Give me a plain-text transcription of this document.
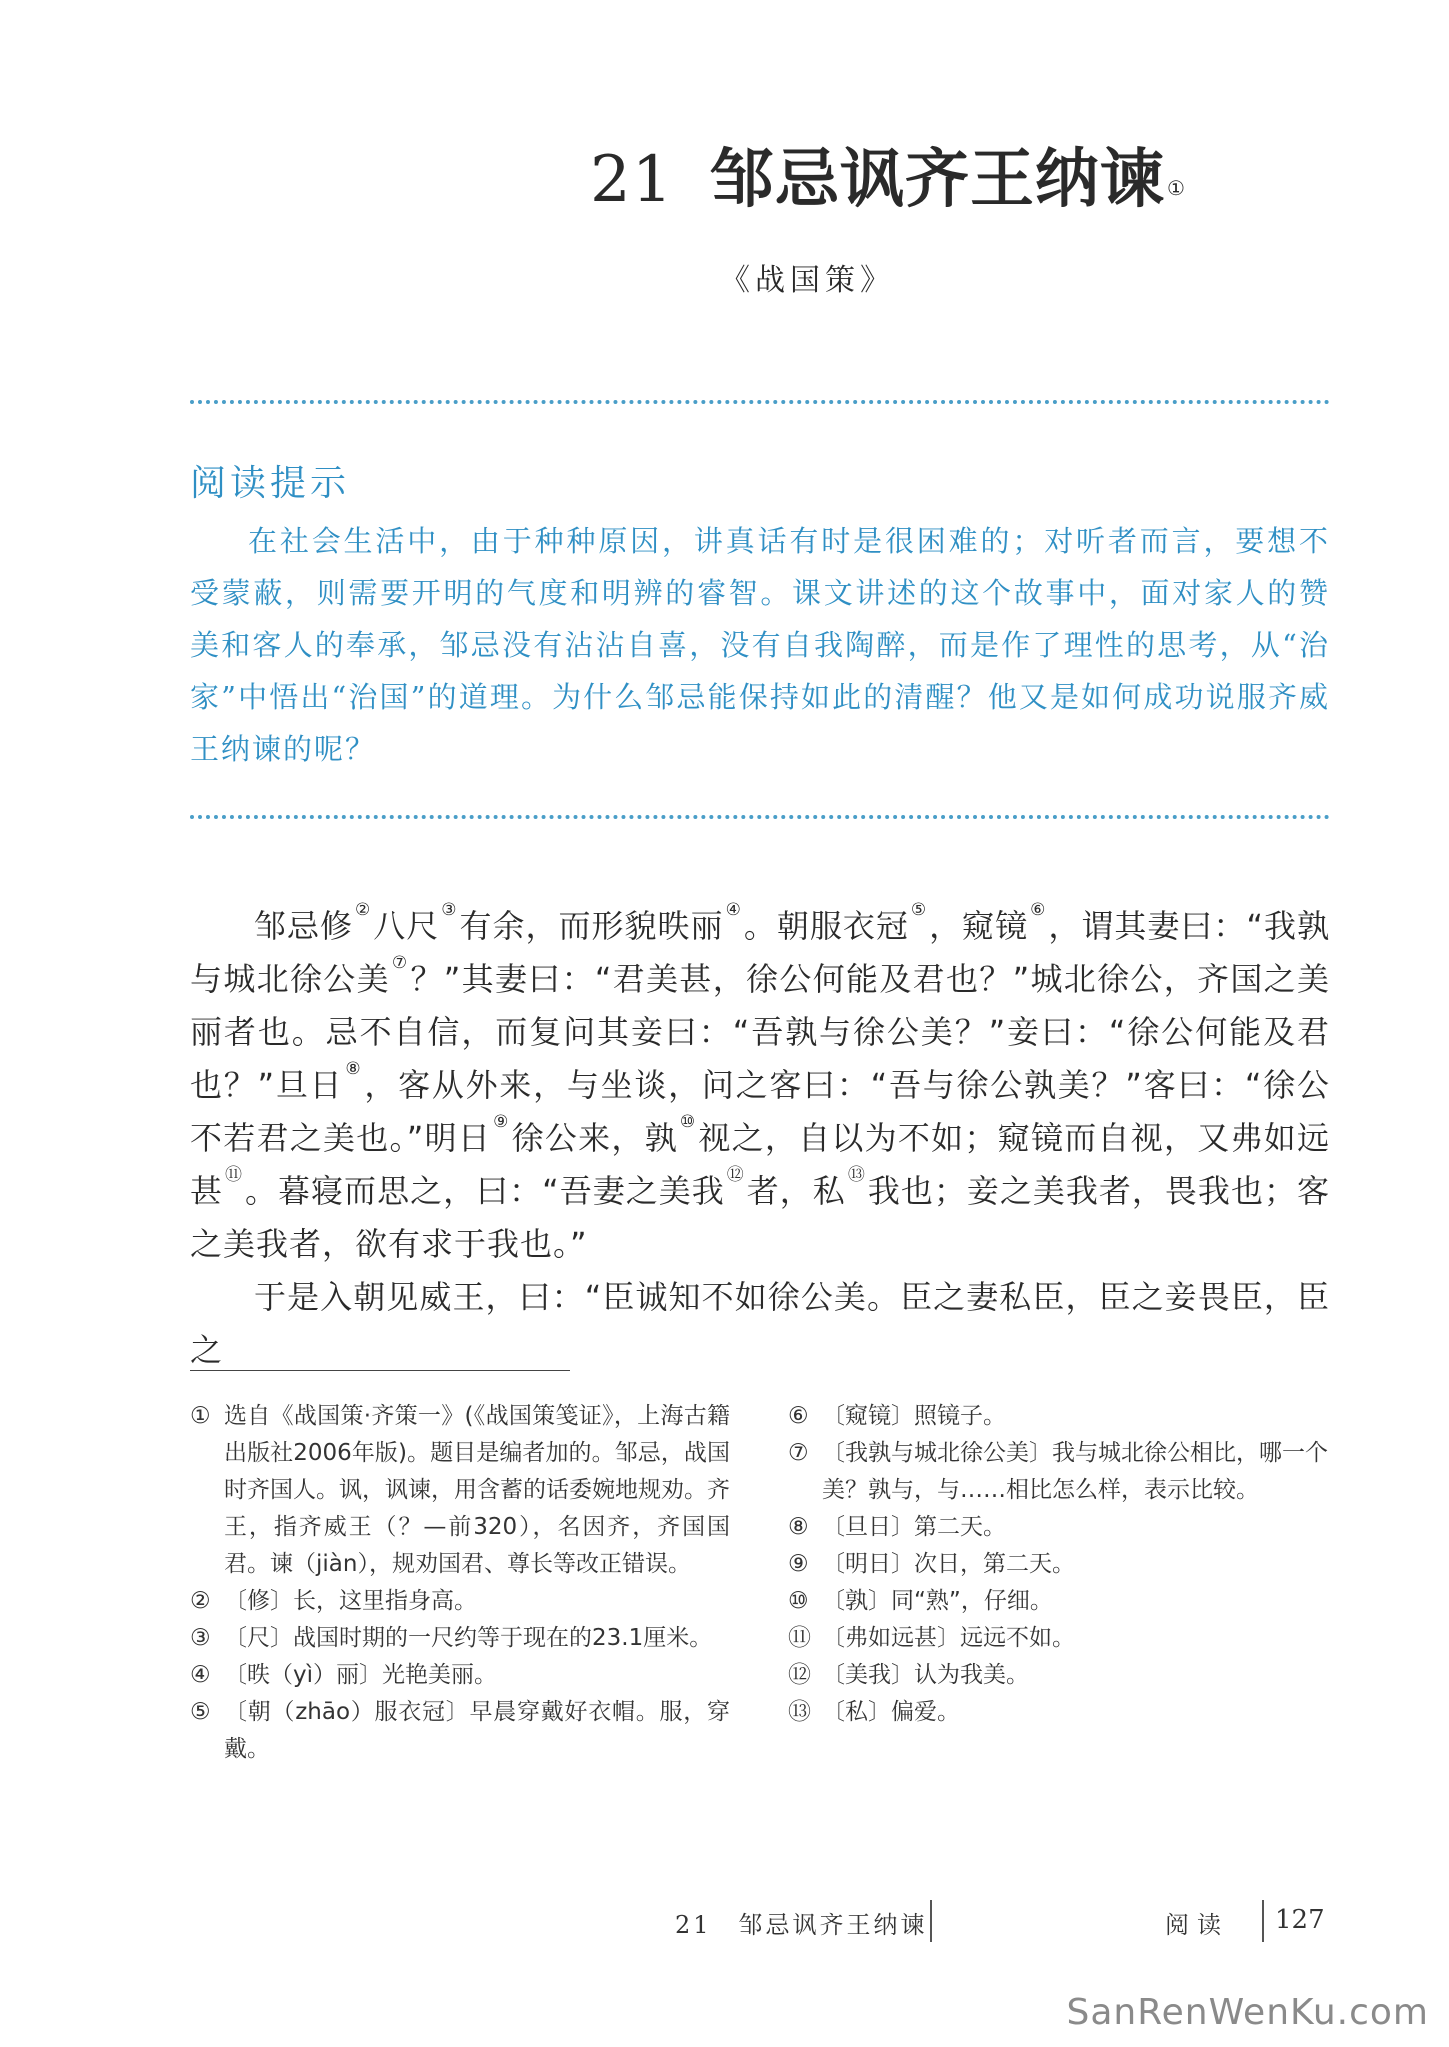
21 邹忌讽齐王纳谏 ①
《战国策》
阅读提示

在社会生活中，由于种种原因，讲真话有时是很困难的；对听者而言，要想不受蒙蔽，则需要开明的气度和明辨的睿智。课文讲述的这个故事中，面对家人的赞美和客人的奉承，邹忌没有沾沾自喜，没有自我陶醉，而是作了理性的思考，从“治家”中悟出“治国”的道理。为什么邹忌能保持如此的清醒？他又是如何成功说服齐威王纳谏的呢？

邹忌修 ②八尺 ③有余，而形貌昳丽 ④。朝服衣冠 ⑤，窥镜 ⑥，谓其妻曰：“我孰与城北徐公美 ⑦？”其妻曰：“君美甚，徐公何能及君也？”城北徐公，齐国之美丽者也。忌不自信，而复问其妾曰：“吾孰与徐公美？”妾曰：“徐公何能及君也？”旦日 ⑧，客从外来，与坐谈，问之客曰：“吾与徐公孰美？”客曰：“徐公不若君之美也。”明日 ⑨徐公来，孰 ⑩视之，自以为不如；窥镜而自视，又弗如远甚 ⑪。暮寝而思之，曰：“吾妻之美我 ⑫者，私 ⑬我也；妾之美我者，畏我也；客之美我者，欲有求于我也。”

于是入朝见威王，曰：“臣诚知不如徐公美。臣之妻私臣，臣之妾畏臣，臣之

① 选自《战国策·齐策一》(《战国策笺证》，上海古籍出版社2006年版)。题目是编者加的。邹忌，战国时齐国人。讽，讽谏，用含蓄的话委婉地规劝。齐王，指齐威王（？—前320），名因齐，齐国国君。谏（jiàn），规劝国君、尊长等改正错误。
② 〔修〕长，这里指身高。
③ 〔尺〕战国时期的一尺约等于现在的23.1厘米。
④ 〔昳（yì）丽〕光艳美丽。
⑤ 〔朝（zhāo）服衣冠〕早晨穿戴好衣帽。服，穿戴。
⑥ 〔窥镜〕照镜子。
⑦ 〔我孰与城北徐公美〕我与城北徐公相比，哪一个美？孰与，与……相比怎么样，表示比较。
⑧ 〔旦日〕第二天。
⑨ 〔明日〕次日，第二天。
⑩ 〔孰〕同“熟”，仔细。
⑪ 〔弗如远甚〕远远不如。
⑫ 〔美我〕认为我美。
⑬ 〔私〕偏爱。
21　邹忌讽齐王纳谏	阅读 127
SanRenWenKu.com
